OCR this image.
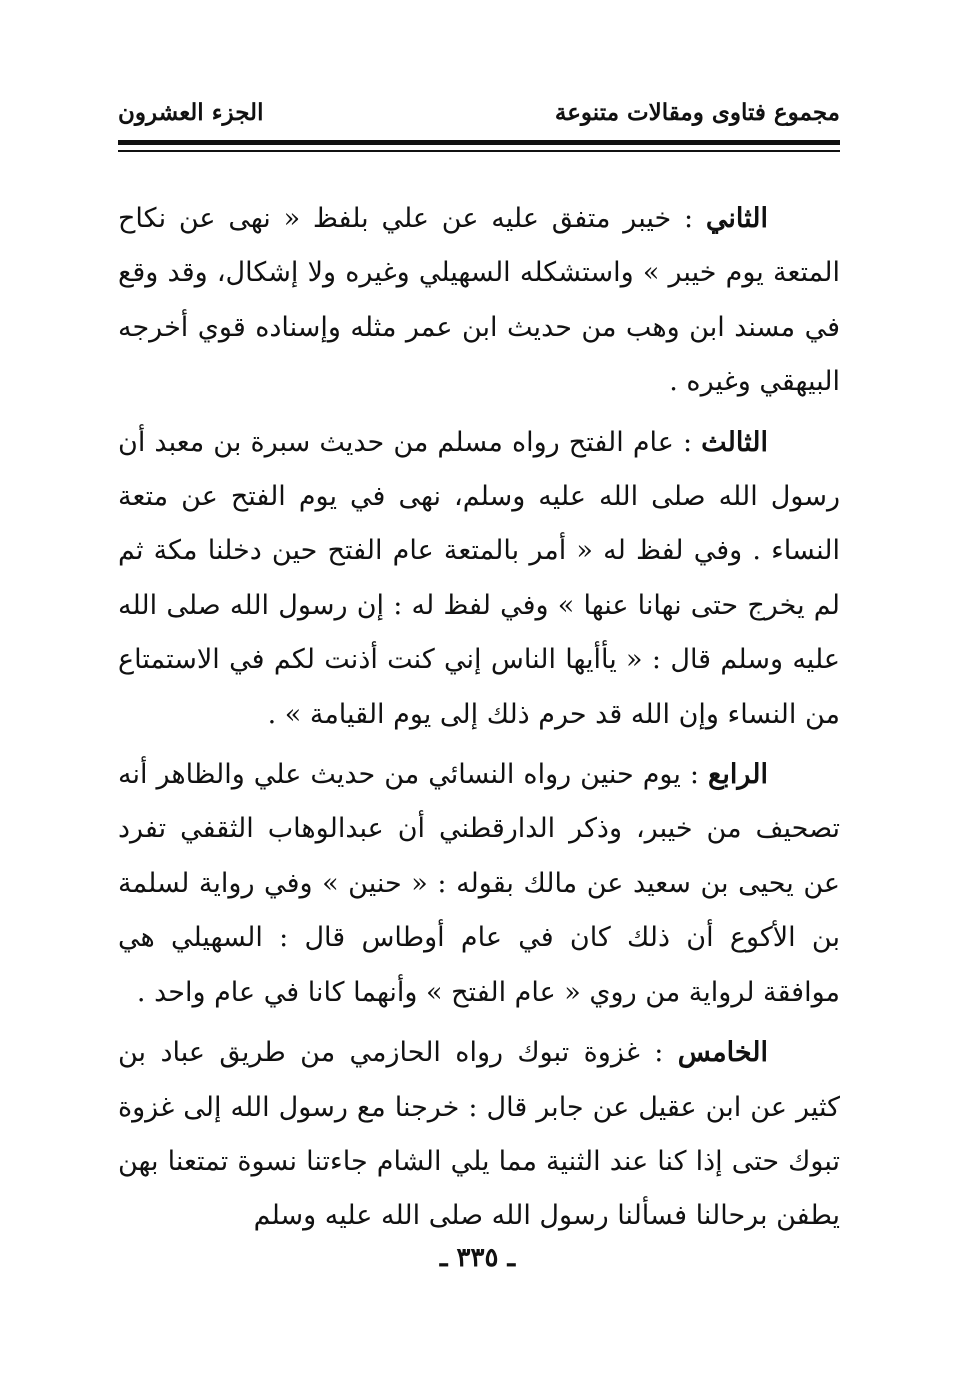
مجموع فتاوى ومقالات متنوعة
الجزء العشرون

الثاني : خيبر متفق عليه عن علي بلفظ « نهى عن نكاح المتعة يوم خيبر » واستشكله السهيلي وغيره ولا إشكال، وقد وقع في مسند ابن وهب من حديث ابن عمر مثله وإسناده قوي أخرجه البيهقي وغيره .

الثالث : عام الفتح رواه مسلم من حديث سبرة بن معبد أن رسول الله صلى الله عليه وسلم، نهى في يوم الفتح عن متعة النساء . وفي لفظ له « أمر بالمتعة عام الفتح حين دخلنا مكة ثم لم يخرج حتى نهانا عنها » وفي لفظ له : إن رسول الله صلى الله عليه وسلم قال : « يأأيها الناس إني كنت أذنت لكم في الاستمتاع من النساء وإن الله قد حرم ذلك إلى يوم القيامة » .

الرابع : يوم حنين رواه النسائي من حديث علي والظاهر أنه تصحيف من خيبر، وذكر الدارقطني أن عبدالوهاب الثقفي تفرد عن يحيى بن سعيد عن مالك بقوله : « حنين » وفي رواية لسلمة بن الأكوع أن ذلك كان في عام أوطاس قال : السهيلي هي موافقة لرواية من روي « عام الفتح » وأنهما كانا في عام واحد .

الخامس : غزوة تبوك رواه الحازمي من طريق عباد بن كثير عن ابن عقيل عن جابر قال : خرجنا مع رسول الله إلى غزوة تبوك حتى إذا كنا عند الثنية مما يلي الشام جاءتنا نسوة تمتعنا بهن يطفن برحالنا فسألنا رسول الله صلى الله عليه وسلم

ـ ٣٣٥ ـ
